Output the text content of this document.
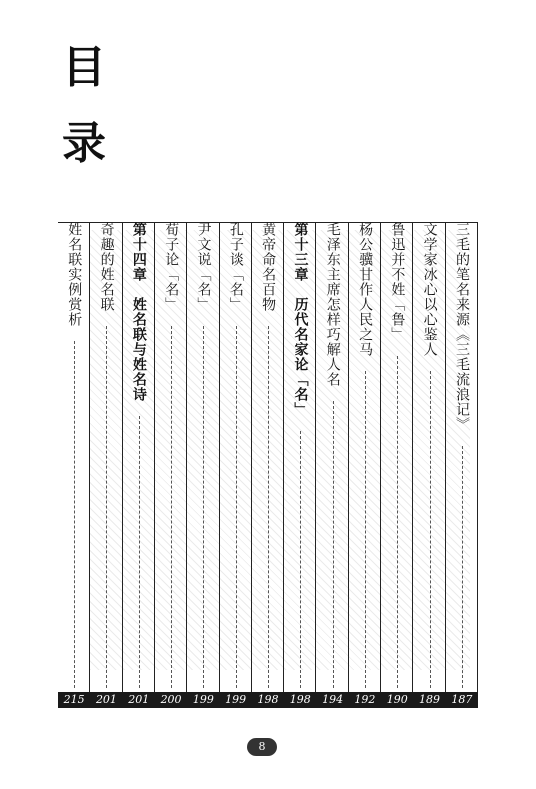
目
录
三毛的笔名来源《三毛流浪记》
187
文学家冰心以心鉴人
189
鲁迅并不姓「鲁」
190
杨公骥甘作人民之马
192
毛泽东主席怎样巧解人名
194
第十三章　历代名家论「名」
198
黄帝命名百物
198
孔子谈「名」
199
尹文说「名」
199
荀子论「名」
200
第十四章　姓名联与姓名诗
201
奇趣的姓名联
201
姓名联实例赏析
215
8
